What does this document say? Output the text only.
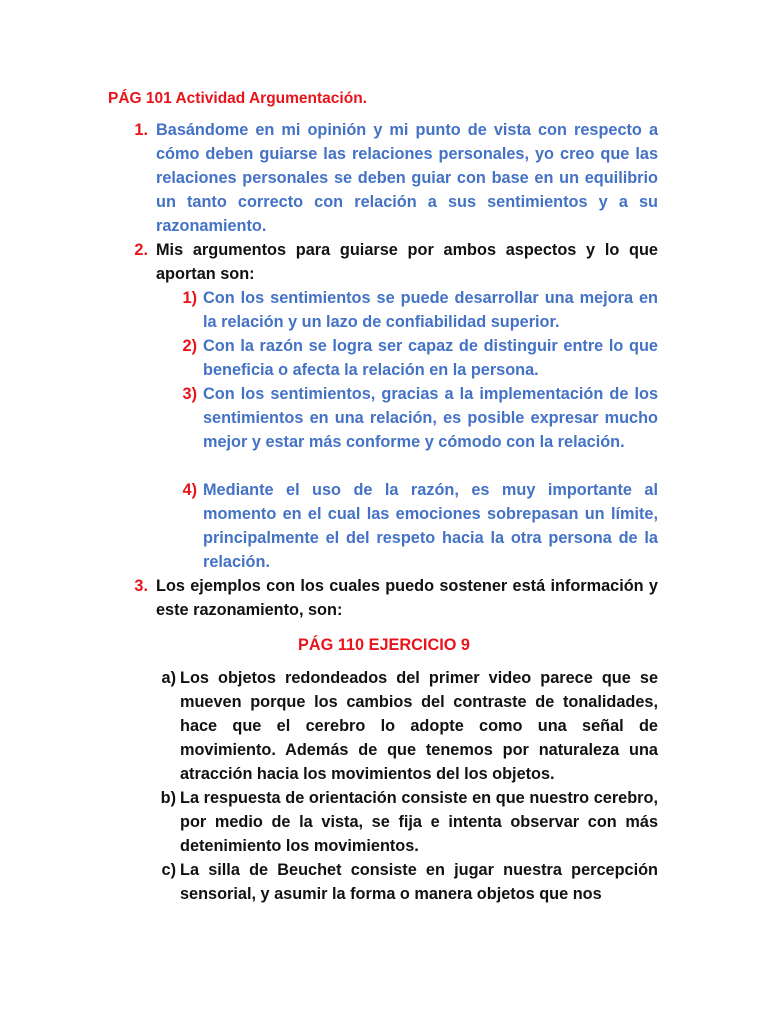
PÁG 101 Actividad Argumentación.
1. Basándome en mi opinión y mi punto de vista con respecto a cómo deben guiarse las relaciones personales, yo creo que las relaciones personales se deben guiar con base en un equilibrio un tanto correcto con relación a sus sentimientos y a su razonamiento.
2. Mis argumentos para guiarse por ambos aspectos y lo que aportan son:
1) Con los sentimientos se puede desarrollar una mejora en la relación y un lazo de confiabilidad superior.
2) Con la razón se logra ser capaz de distinguir entre lo que beneficia o afecta la relación en la persona.
3) Con los sentimientos, gracias a la implementación de los sentimientos en una relación, es posible expresar mucho mejor y estar más conforme y cómodo con la relación.
4) Mediante el uso de la razón, es muy importante al momento en el cual las emociones sobrepasan un límite, principalmente el del respeto hacia la otra persona de la relación.
3. Los ejemplos con los cuales puedo sostener está información y este razonamiento, son:
PÁG 110 EJERCICIO 9
a) Los objetos redondeados del primer video parece que se mueven porque los cambios del contraste de tonalidades, hace que el cerebro lo adopte como una señal de movimiento. Además de que tenemos por naturaleza una atracción hacia los movimientos del los objetos.
b) La respuesta de orientación consiste en que nuestro cerebro, por medio de la vista, se fija e intenta observar con más detenimiento los movimientos.
c) La silla de Beuchet consiste en jugar nuestra percepción sensorial, y asumir la forma o manera objetos que nos
